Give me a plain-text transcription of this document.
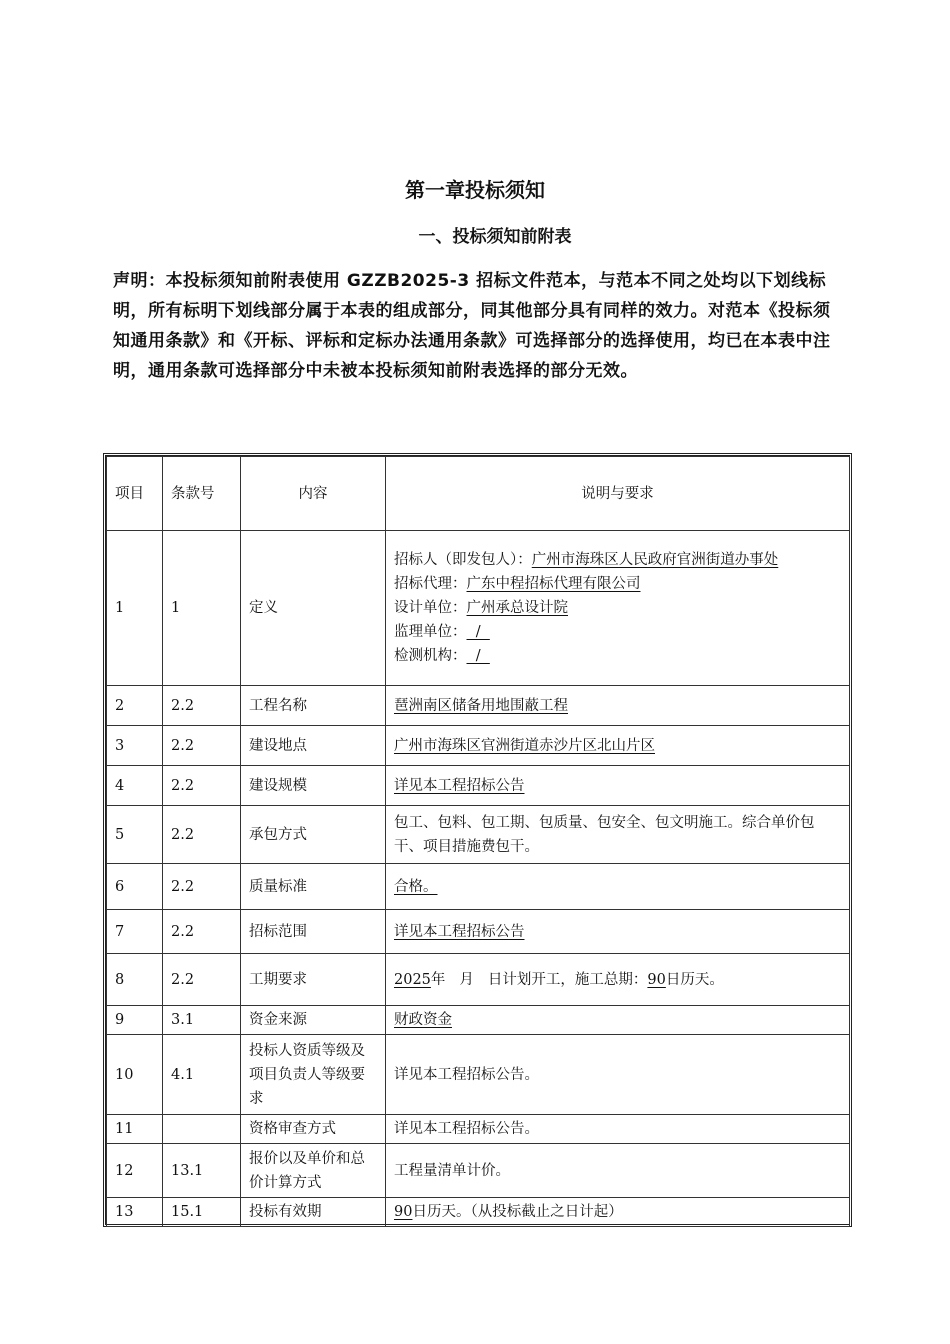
第一章投标须知
一、投标须知前附表
声明：本投标须知前附表使用 GZZB2025-3 招标文件范本，与范本不同之处均以下划线标明，所有标明下划线部分属于本表的组成部分，同其他部分具有同样的效力。对范本《投标须知通用条款》和《开标、评标和定标办法通用条款》可选择部分的选择使用，均已在本表中注明，通用条款可选择部分中未被本投标须知前附表选择的部分无效。
项目	条款号	内容	说明与要求
1	1	定义	招标人（即发包人）：广州市海珠区人民政府官洲街道办事处
招标代理：广东中程招标代理有限公司
设计单位：广州承总设计院
监理单位：  /
检测机构：  /

2	2.2	工程名称	琶洲南区储备用地围蔽工程
3	2.2	建设地点	广州市海珠区官洲街道赤沙片区北山片区
4	2.2	建设规模	详见本工程招标公告
5	2.2	承包方式	包工、包料、包工期、包质量、包安全、包文明施工。综合单价包干、项目措施费包干。
6	2.2	质量标准	合格。
7	2.2	招标范围	详见本工程招标公告
8	2.2	工期要求	2025年 月 日计划开工，施工总期：90日历天。
9	3.1	资金来源	财政资金
10	4.1	投标人资质等级及项目负责人等级要求	详见本工程招标公告。
11		资格审查方式	详见本工程招标公告。
12	13.1	报价以及单价和总价计算方式	工程量清单计价。
13	15.1	投标有效期	90日历天。（从投标截止之日计起）
